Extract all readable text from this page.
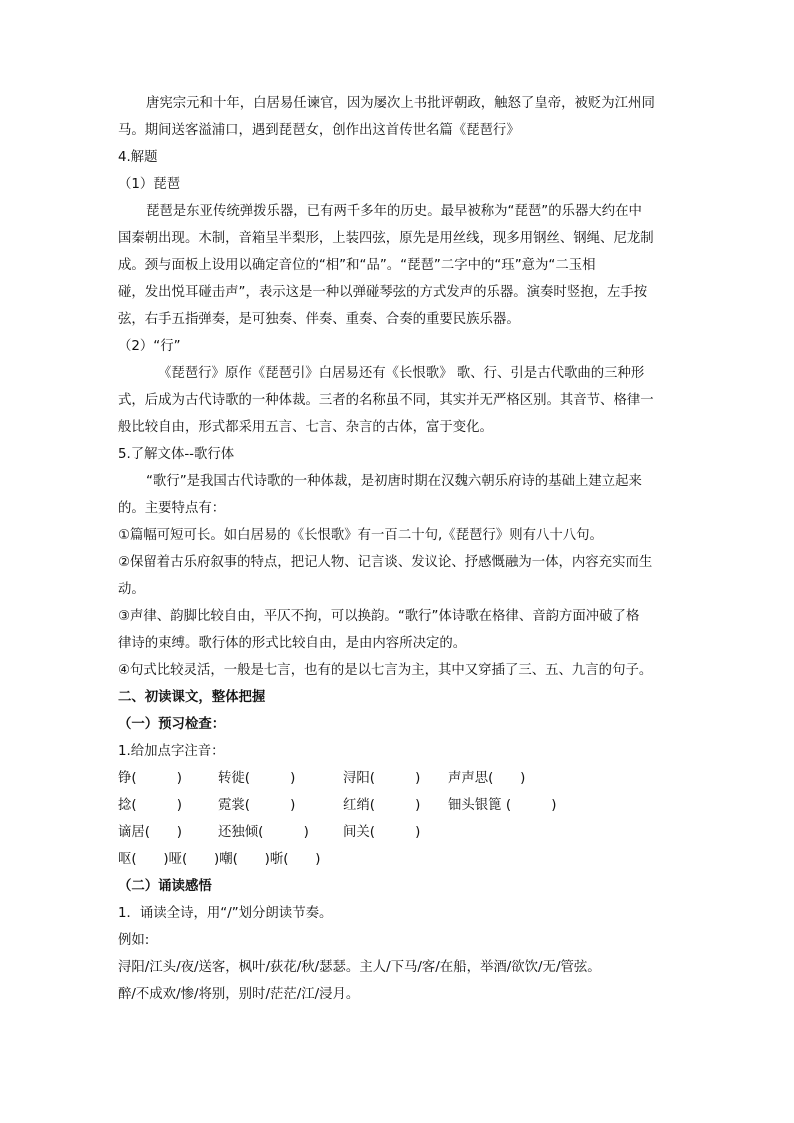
唐宪宗元和十年，白居易任谏官，因为屡次上书批评朝政，触怒了皇帝，被贬为江州同
马。期间送客溢浦口，遇到琵琶女，创作出这首传世名篇《琵琶行》
4.解题
（1）琵琶
琵琶是东亚传统弹拨乐器，已有两千多年的历史。最早被称为“琵琶”的乐器大约在中
国秦朝出现。木制，音箱呈半梨形，上装四弦，原先是用丝线，现多用钢丝、钢绳、尼龙制
成。颈与面板上设用以确定音位的“相”和“品”。“琵琶”二字中的“珏”意为“二玉相
碰，发出悦耳碰击声”，表示这是一种以弹碰琴弦的方式发声的乐器。演奏时竖抱，左手按
弦，右手五指弹奏，是可独奏、伴奏、重奏、合奏的重要民族乐器。
（2）“行”
《琵琶行》原作《琵琶引》白居易还有《长恨歌》 歌、行、引是古代歌曲的三种形
式，后成为古代诗歌的一种体裁。三者的名称虽不同，其实并无严格区别。其音节、格律一
般比较自由，形式都采用五言、七言、杂言的古体，富于变化。
5.了解文体--歌行体
“歌行”是我国古代诗歌的一种体裁，是初唐时期在汉魏六朝乐府诗的基础上建立起来
的。主要特点有：
①篇幅可短可长。如白居易的《长恨歌》有一百二十句,《琵琶行》则有八十八句。
②保留着古乐府叙事的特点，把记人物、记言谈、发议论、抒感慨融为一体，内容充实而生
动。
③声律、韵脚比较自由，平仄不拘，可以换韵。“歌行”体诗歌在格律、音韵方面冲破了格
律诗的束缚。歌行体的形式比较自由，是由内容所决定的。
④句式比较灵活，一般是七言，也有的是以七言为主，其中又穿插了三、五、九言的句子。
二、初读课文，整体把握
（一）预习检查：
1.给加点字注音：
铮(　　　)	转徙(　　　)	浔阳(　　　) 声声思(　　)
捻(　　　)	霓裳(　　　)	红绡(　　　) 钿头银篦 (　　　)
谪居(　　)	还独倾(　　　)	间关(　　　)
呕(　　)哑(　　)嘲(　　)哳(　　)
（二）诵读感悟
1．诵读全诗，用“/”划分朗读节奏。
例如:
浔阳/江头/夜/送客，枫叶/荻花/秋/瑟瑟。主人/下马/客/在船，举酒/欲饮/无/管弦。
醉/不成欢/惨/将别，别时/茫茫/江/浸月。
